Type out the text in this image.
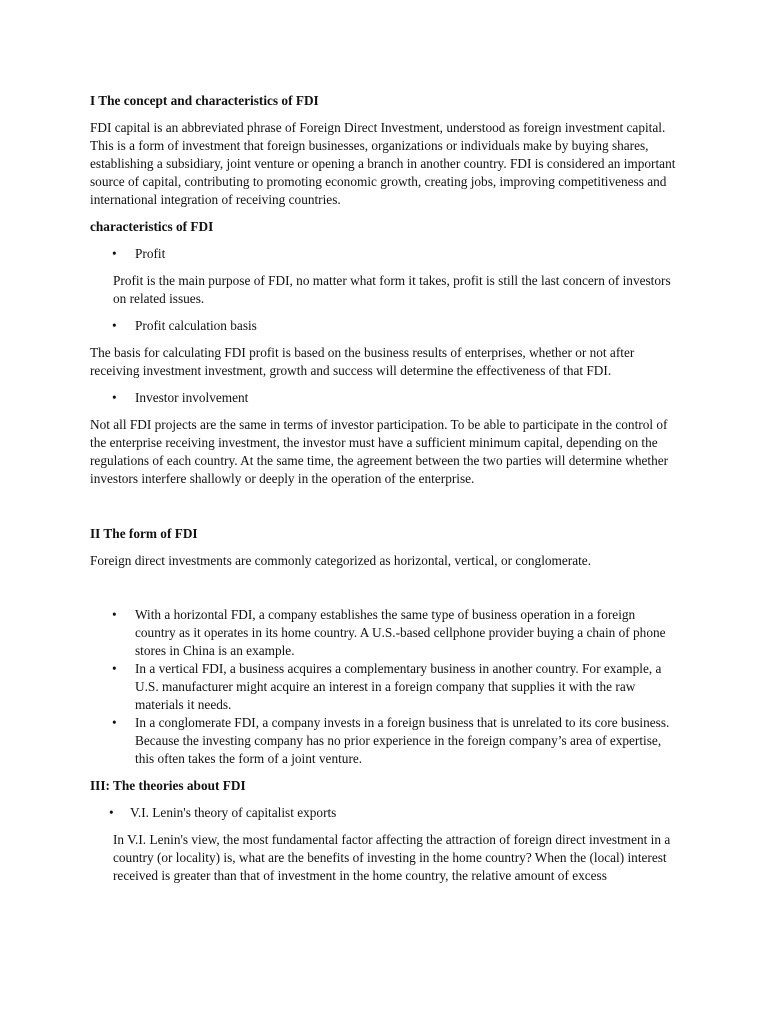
I The concept and characteristics of FDI
FDI capital is an abbreviated phrase of Foreign Direct Investment, understood as foreign investment capital. This is a form of investment that foreign businesses, organizations or individuals make by buying shares, establishing a subsidiary, joint venture or opening a branch in another country. FDI is considered an important source of capital, contributing to promoting economic growth, creating jobs, improving competitiveness and international integration of receiving countries.
characteristics of FDI
• Profit
Profit is the main purpose of FDI, no matter what form it takes, profit is still the last concern of investors on related issues.
• Profit calculation basis
The basis for calculating FDI profit is based on the business results of enterprises, whether or not after receiving investment investment, growth and success will determine the effectiveness of that FDI.
• Investor involvement
Not all FDI projects are the same in terms of investor participation. To be able to participate in the control of the enterprise receiving investment, the investor must have a sufficient minimum capital, depending on the regulations of each country. At the same time, the agreement between the two parties will determine whether investors interfere shallowly or deeply in the operation of the enterprise.
II The form of FDI
Foreign direct investments are commonly categorized as horizontal, vertical, or conglomerate.
• With a horizontal FDI, a company establishes the same type of business operation in a foreign country as it operates in its home country. A U.S.-based cellphone provider buying a chain of phone stores in China is an example.
• In a vertical FDI, a business acquires a complementary business in another country. For example, a U.S. manufacturer might acquire an interest in a foreign company that supplies it with the raw materials it needs.
• In a conglomerate FDI, a company invests in a foreign business that is unrelated to its core business. Because the investing company has no prior experience in the foreign company’s area of expertise, this often takes the form of a joint venture.
III: The theories about FDI
• V.I. Lenin's theory of capitalist exports
In V.I. Lenin's view, the most fundamental factor affecting the attraction of foreign direct investment in a country (or locality) is, what are the benefits of investing in the home country? When the (local) interest received is greater than that of investment in the home country, the relative amount of excess
